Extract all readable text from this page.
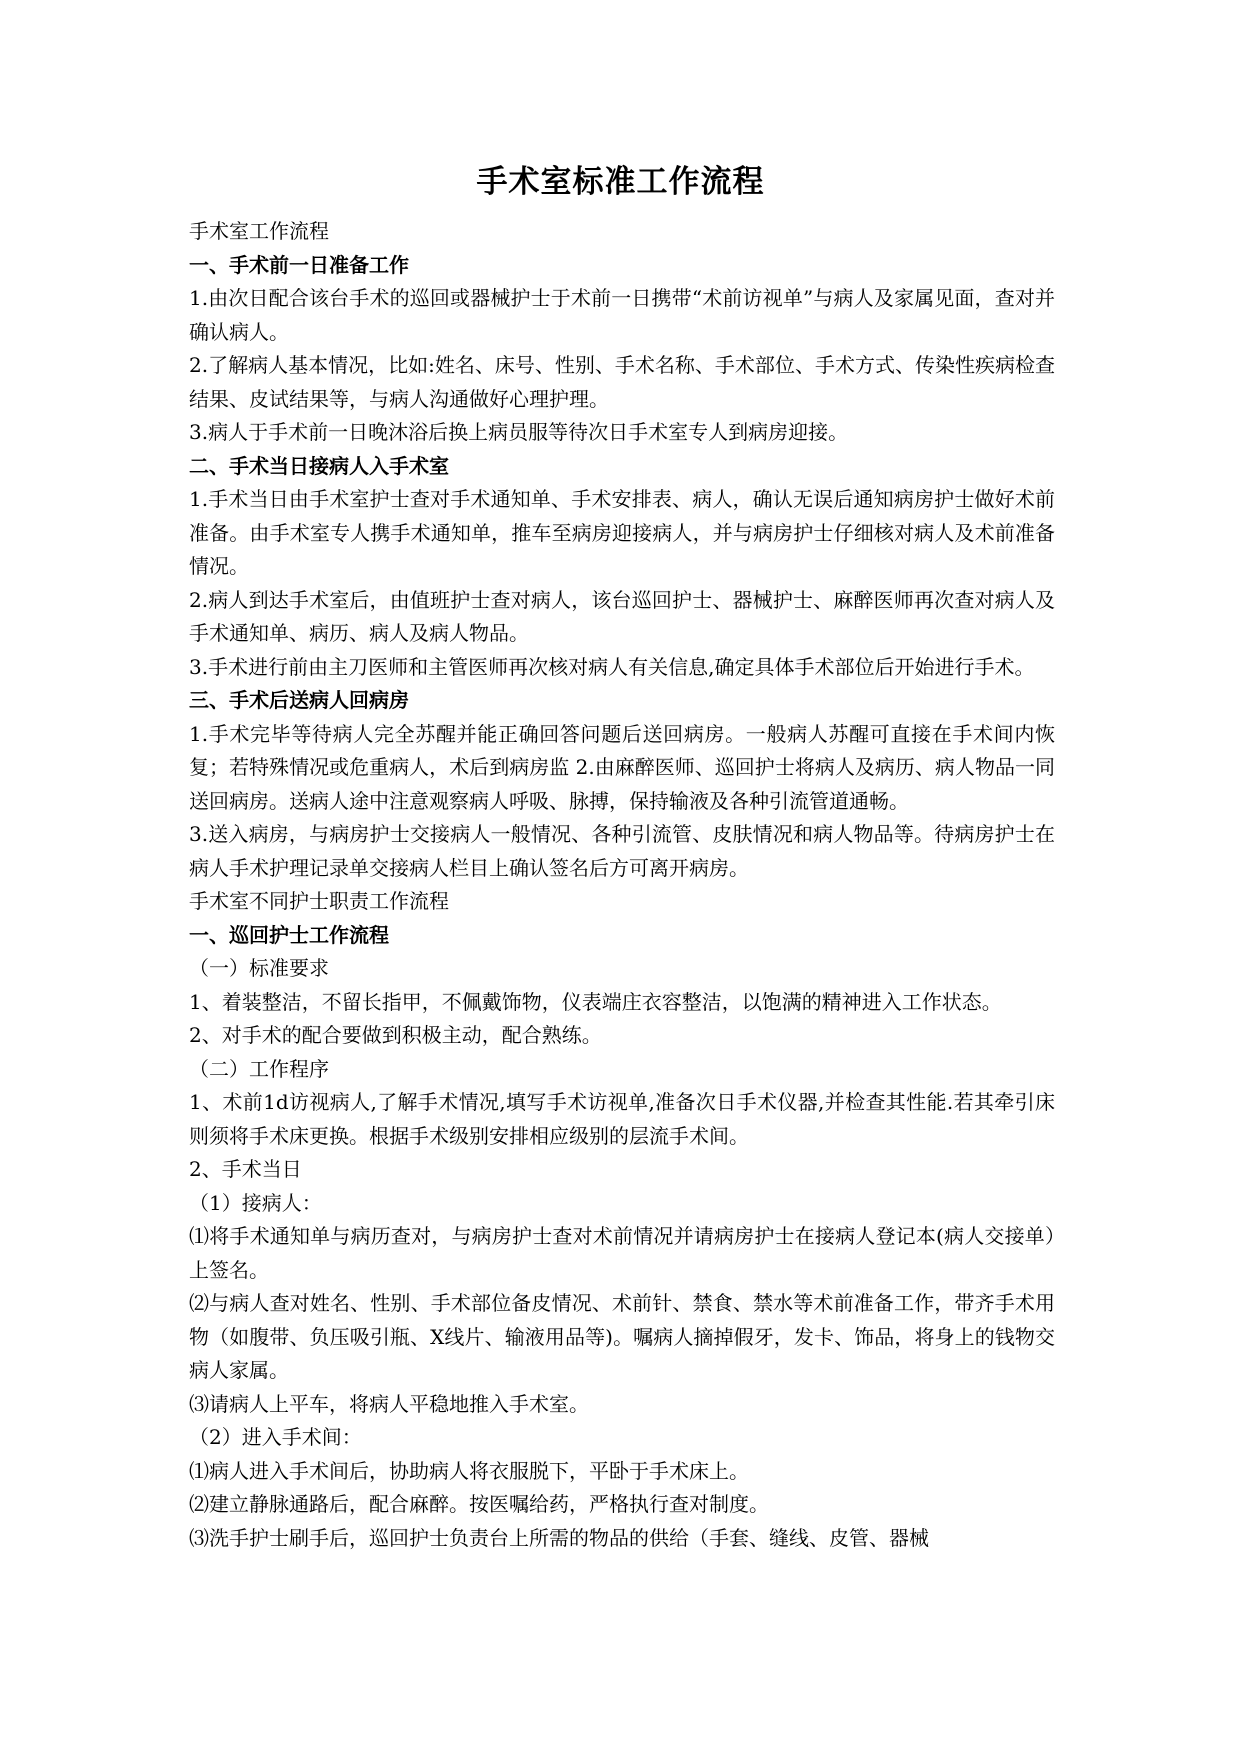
手术室标准工作流程

手术室工作流程

一、手术前一日准备工作

1.由次日配合该台手术的巡回或器械护士于术前一日携带“术前访视单”与病人及家属见面，查对并确认病人。

2.了解病人基本情况，比如:姓名、床号、性别、手术名称、手术部位、手术方式、传染性疾病检查结果、皮试结果等，与病人沟通做好心理护理。

3.病人于手术前一日晚沐浴后换上病员服等待次日手术室专人到病房迎接。

二、手术当日接病人入手术室

1.手术当日由手术室护士查对手术通知单、手术安排表、病人，确认无误后通知病房护士做好术前准备。由手术室专人携手术通知单，推车至病房迎接病人，并与病房护士仔细核对病人及术前准备情况。

2.病人到达手术室后，由值班护士查对病人，该台巡回护士、器械护士、麻醉医师再次查对病人及手术通知单、病历、病人及病人物品。

3.手术进行前由主刀医师和主管医师再次核对病人有关信息,确定具体手术部位后开始进行手术。

三、手术后送病人回病房

1.手术完毕等待病人完全苏醒并能正确回答问题后送回病房。一般病人苏醒可直接在手术间内恢复；若特殊情况或危重病人，术后到病房监 2.由麻醉医师、巡回护士将病人及病历、病人物品一同送回病房。送病人途中注意观察病人呼吸、脉搏，保持输液及各种引流管道通畅。

3.送入病房，与病房护士交接病人一般情况、各种引流管、皮肤情况和病人物品等。待病房护士在病人手术护理记录单交接病人栏目上确认签名后方可离开病房。

手术室不同护士职责工作流程

一、巡回护士工作流程

（一）标准要求

1、着装整洁，不留长指甲，不佩戴饰物，仪表端庄衣容整洁，以饱满的精神进入工作状态。

2、对手术的配合要做到积极主动，配合熟练。

（二）工作程序

1、术前1d访视病人,了解手术情况,填写手术访视单,准备次日手术仪器,并检查其性能.若其牵引床则须将手术床更换。根据手术级别安排相应级别的层流手术间。

2、手术当日

（1）接病人：

⑴将手术通知单与病历查对，与病房护士查对术前情况并请病房护士在接病人登记本(病人交接单）上签名。

⑵与病人查对姓名、性别、手术部位备皮情况、术前针、禁食、禁水等术前准备工作，带齐手术用物（如腹带、负压吸引瓶、X线片、输液用品等)。嘱病人摘掉假牙，发卡、饰品，将身上的钱物交病人家属。

⑶请病人上平车，将病人平稳地推入手术室。

（2）进入手术间：

⑴病人进入手术间后，协助病人将衣服脱下，平卧于手术床上。

⑵建立静脉通路后，配合麻醉。按医嘱给药，严格执行查对制度。

⑶洗手护士刷手后，巡回护士负责台上所需的物品的供给（手套、缝线、皮管、器械
